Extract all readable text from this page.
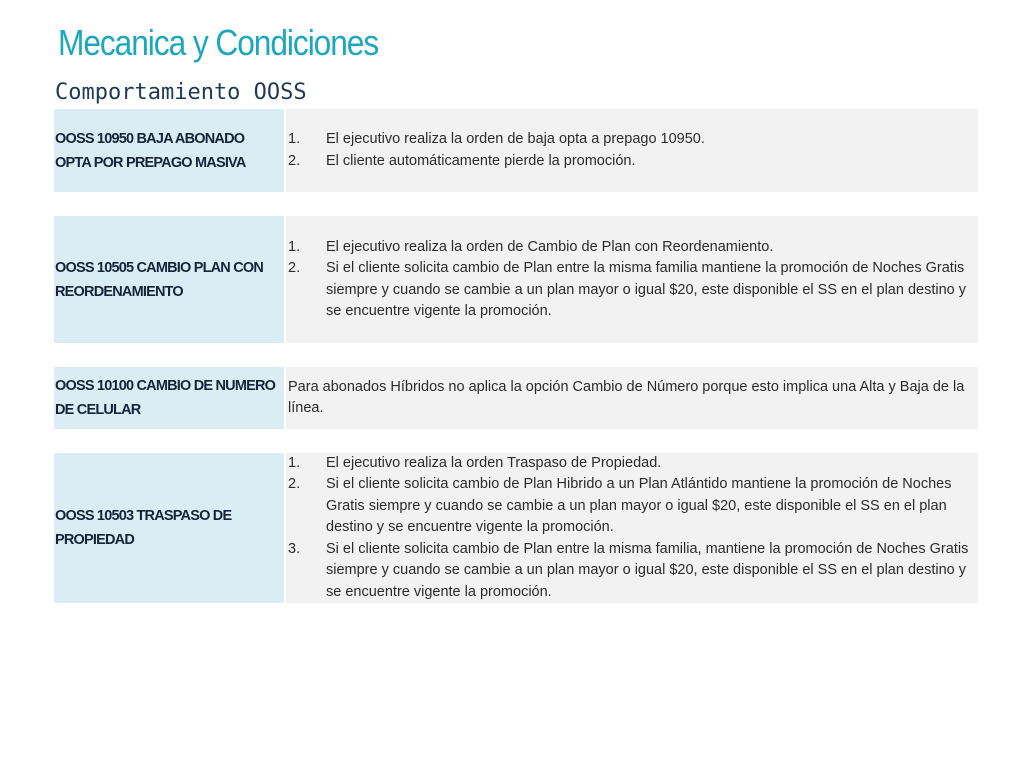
Mecanica y Condiciones
Comportamiento OOSS
OOSS 10950 BAJA ABONADO OPTA POR PREPAGO MASIVA
1. El ejecutivo realiza la orden de baja opta a prepago 10950.
2. El cliente automáticamente pierde la promoción.
OOSS 10505 CAMBIO PLAN CON REORDENAMIENTO
1. El ejecutivo realiza la orden de Cambio de Plan con Reordenamiento.
2. Si el cliente solicita cambio de Plan entre la misma familia mantiene la promoción de Noches Gratis siempre y cuando se cambie a un plan mayor o igual $20, este disponible el SS en el plan destino y se encuentre vigente la promoción.
OOSS 10100 CAMBIO DE NUMERO DE CELULAR
Para abonados Híbridos no aplica la opción Cambio de Número porque esto implica una Alta y Baja de la línea.
OOSS 10503 TRASPASO DE PROPIEDAD
1. El ejecutivo realiza la orden Traspaso de Propiedad.
2. Si el cliente solicita cambio de Plan Hibrido a un Plan Atlántido mantiene la promoción de Noches Gratis siempre y cuando se cambie a un plan mayor o igual $20, este disponible el SS en el plan destino y se encuentre vigente la promoción.
3. Si el cliente solicita cambio de Plan entre la misma familia, mantiene la promoción de Noches Gratis siempre y cuando se cambie a un plan mayor o igual $20, este disponible el SS en el plan destino y se encuentre vigente la promoción.
